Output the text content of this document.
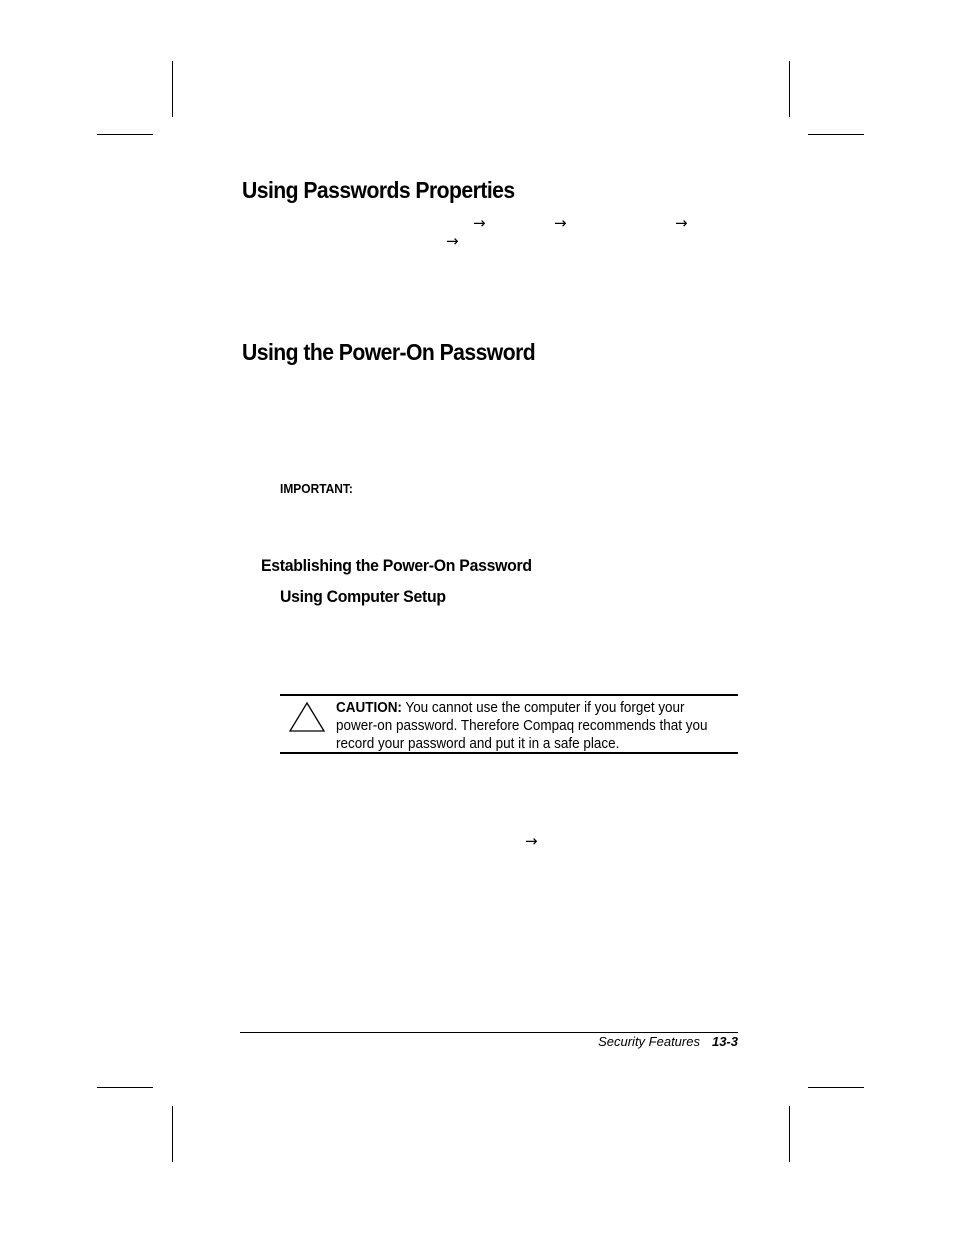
Using Passwords Properties
→	→	→
→
Using the Power-On Password
IMPORTANT:
Establishing the Power-On Password
Using Computer Setup
CAUTION: You cannot use the computer if you forget your power-on password. Therefore Compaq recommends that you record your password and put it in a safe place.
→
Security Features 13-3
